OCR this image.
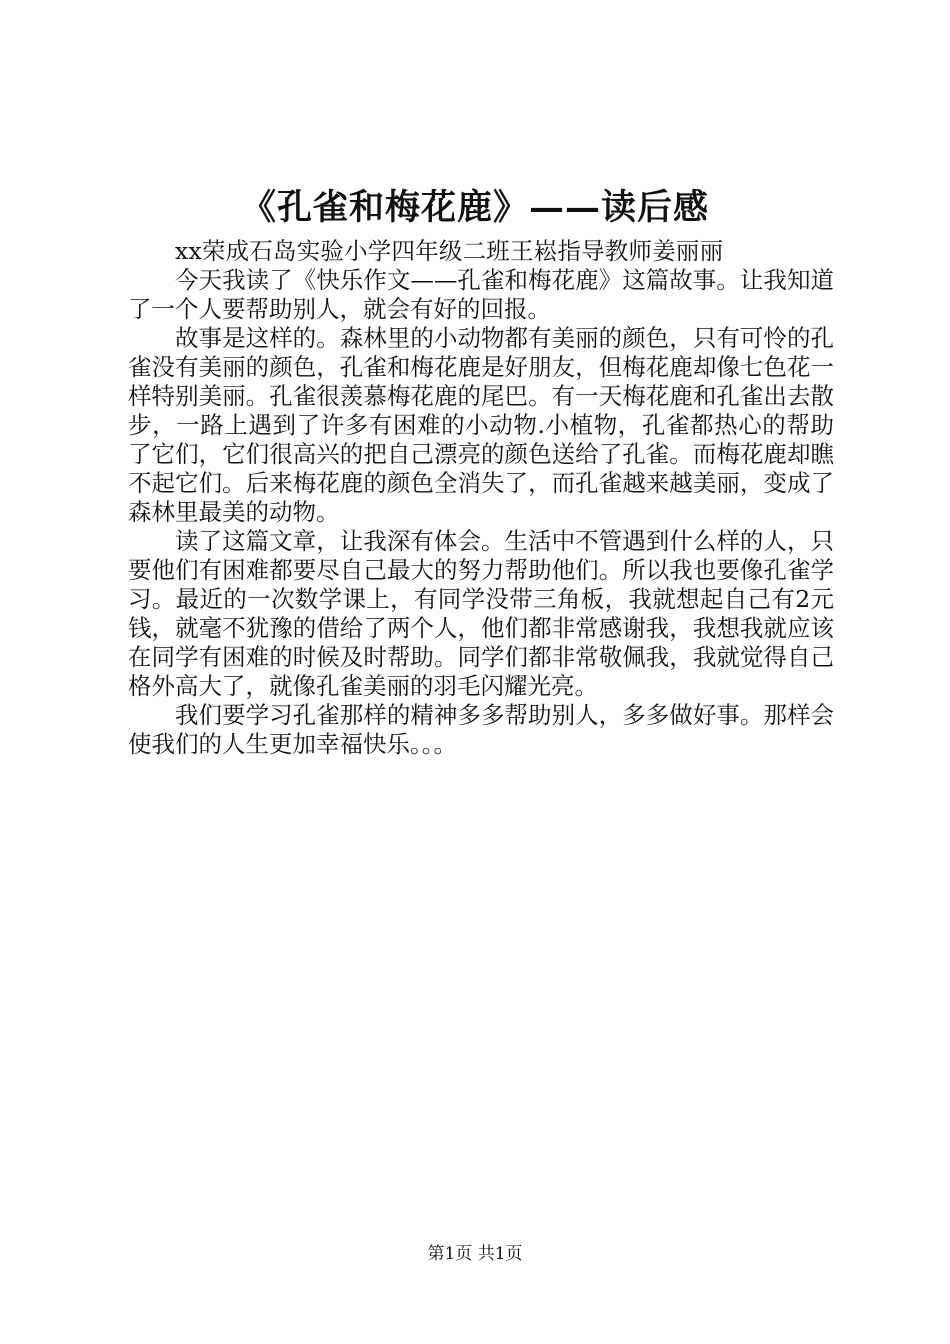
《孔雀和梅花鹿》——读后感

xx荣成石岛实验小学四年级二班王崧指导教师姜丽丽

今天我读了《快乐作文——孔雀和梅花鹿》这篇故事。让我知道了一个人要帮助别人，就会有好的回报。

故事是这样的。森林里的小动物都有美丽的颜色，只有可怜的孔雀没有美丽的颜色，孔雀和梅花鹿是好朋友，但梅花鹿却像七色花一样特别美丽。孔雀很羡慕梅花鹿的尾巴。有一天梅花鹿和孔雀出去散步，一路上遇到了许多有困难的小动物.小植物，孔雀都热心的帮助了它们，它们很高兴的把自己漂亮的颜色送给了孔雀。而梅花鹿却瞧不起它们。后来梅花鹿的颜色全消失了，而孔雀越来越美丽，变成了森林里最美的动物。

读了这篇文章，让我深有体会。生活中不管遇到什么样的人，只要他们有困难都要尽自己最大的努力帮助他们。所以我也要像孔雀学习。最近的一次数学课上，有同学没带三角板，我就想起自己有2元钱，就毫不犹豫的借给了两个人，他们都非常感谢我，我想我就应该在同学有困难的时候及时帮助。同学们都非常敬佩我，我就觉得自己格外高大了，就像孔雀美丽的羽毛闪耀光亮。

我们要学习孔雀那样的精神多多帮助别人，多多做好事。那样会使我们的人生更加幸福快乐。。。

第1页 共1页
